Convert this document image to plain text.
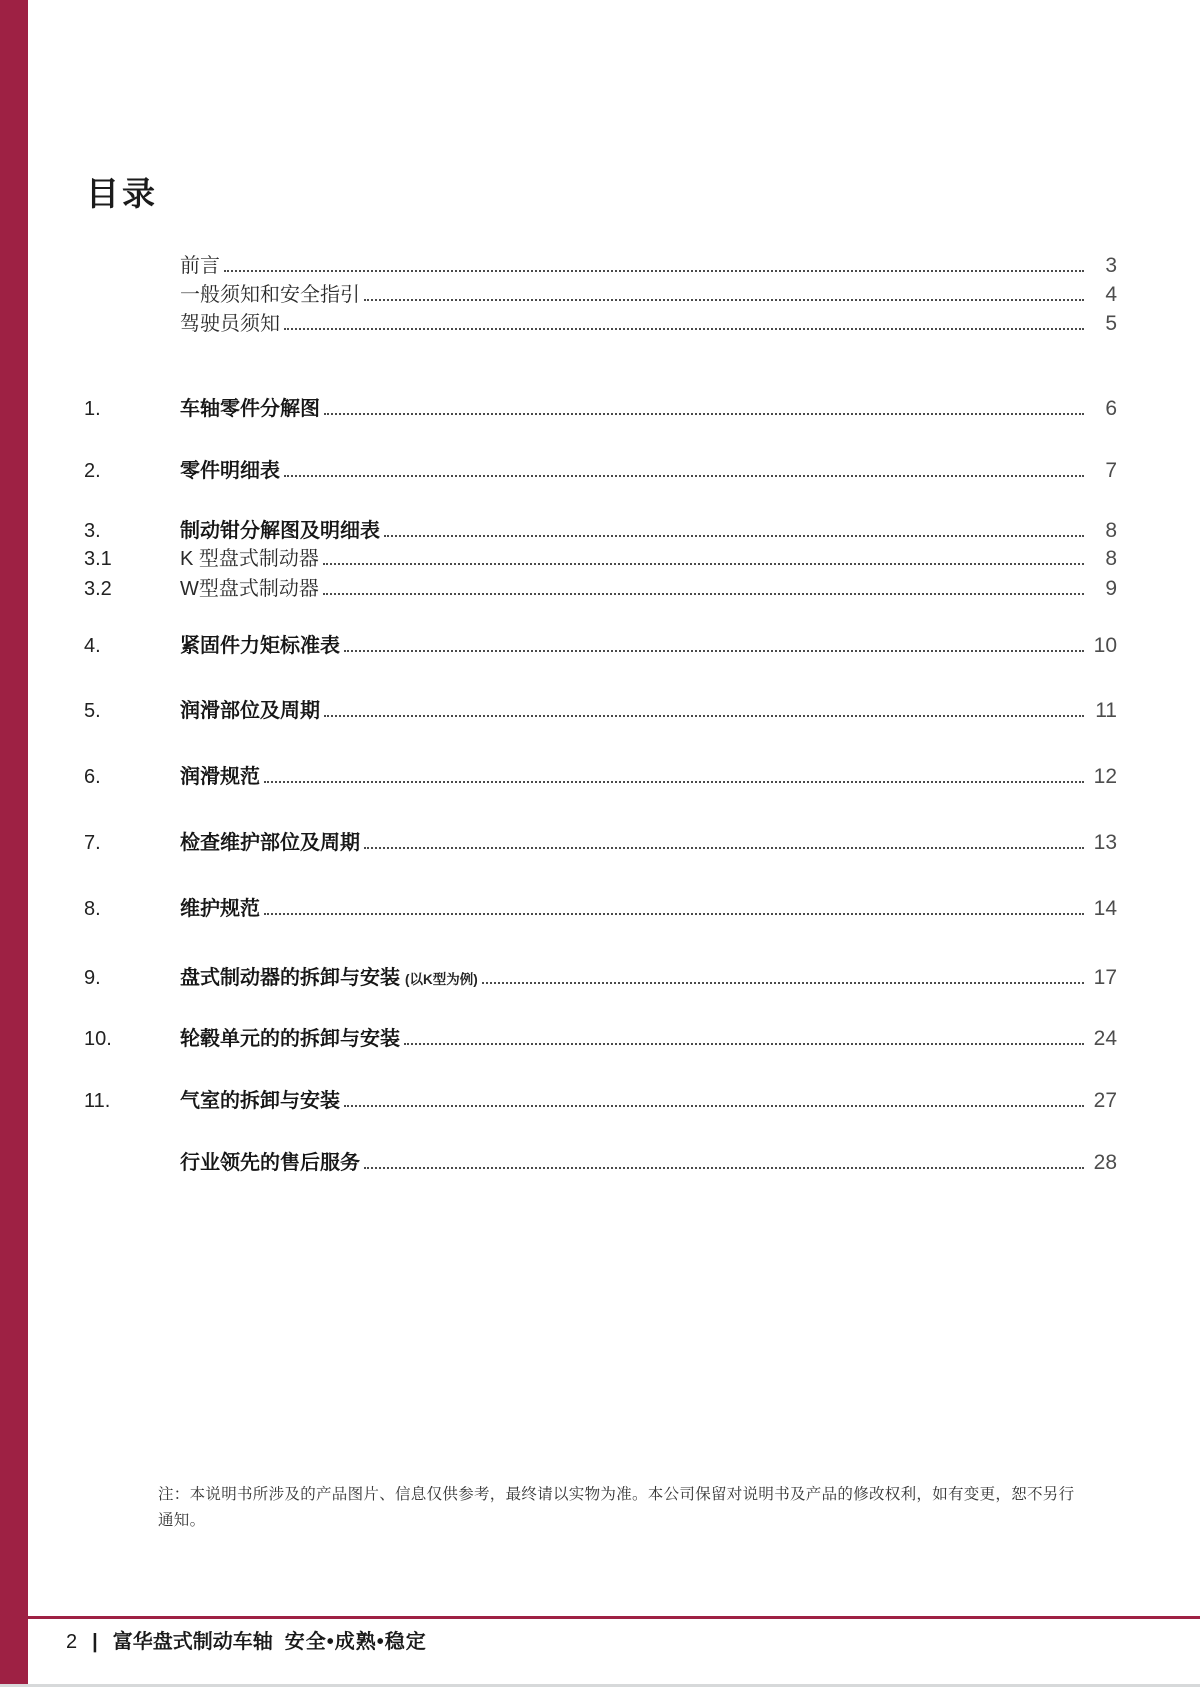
目录
前言	3
一般须知和安全指引	4
驾驶员须知	5
1.	车轴零件分解图	6
2.	零件明细表	7
3.	制动钳分解图及明细表	8
3.1	K 型盘式制动器	8
3.2	W型盘式制动器	9
4.	紧固件力矩标准表	10
5.	润滑部位及周期	11
6.	润滑规范	12
7.	检查维护部位及周期	13
8.	维护规范	14
9.	盘式制动器的拆卸与安装 (以K型为例)	17
10.	轮毂单元的的拆卸与安装	24
11.	气室的拆卸与安装	27
行业领先的售后服务	28
注：本说明书所涉及的产品图片、信息仅供参考，最终请以实物为准。本公司保留对说明书及产品的修改权利，如有变更，恕不另行
通知。
2 | 富华盘式制动车轴 安全•成熟•稳定
